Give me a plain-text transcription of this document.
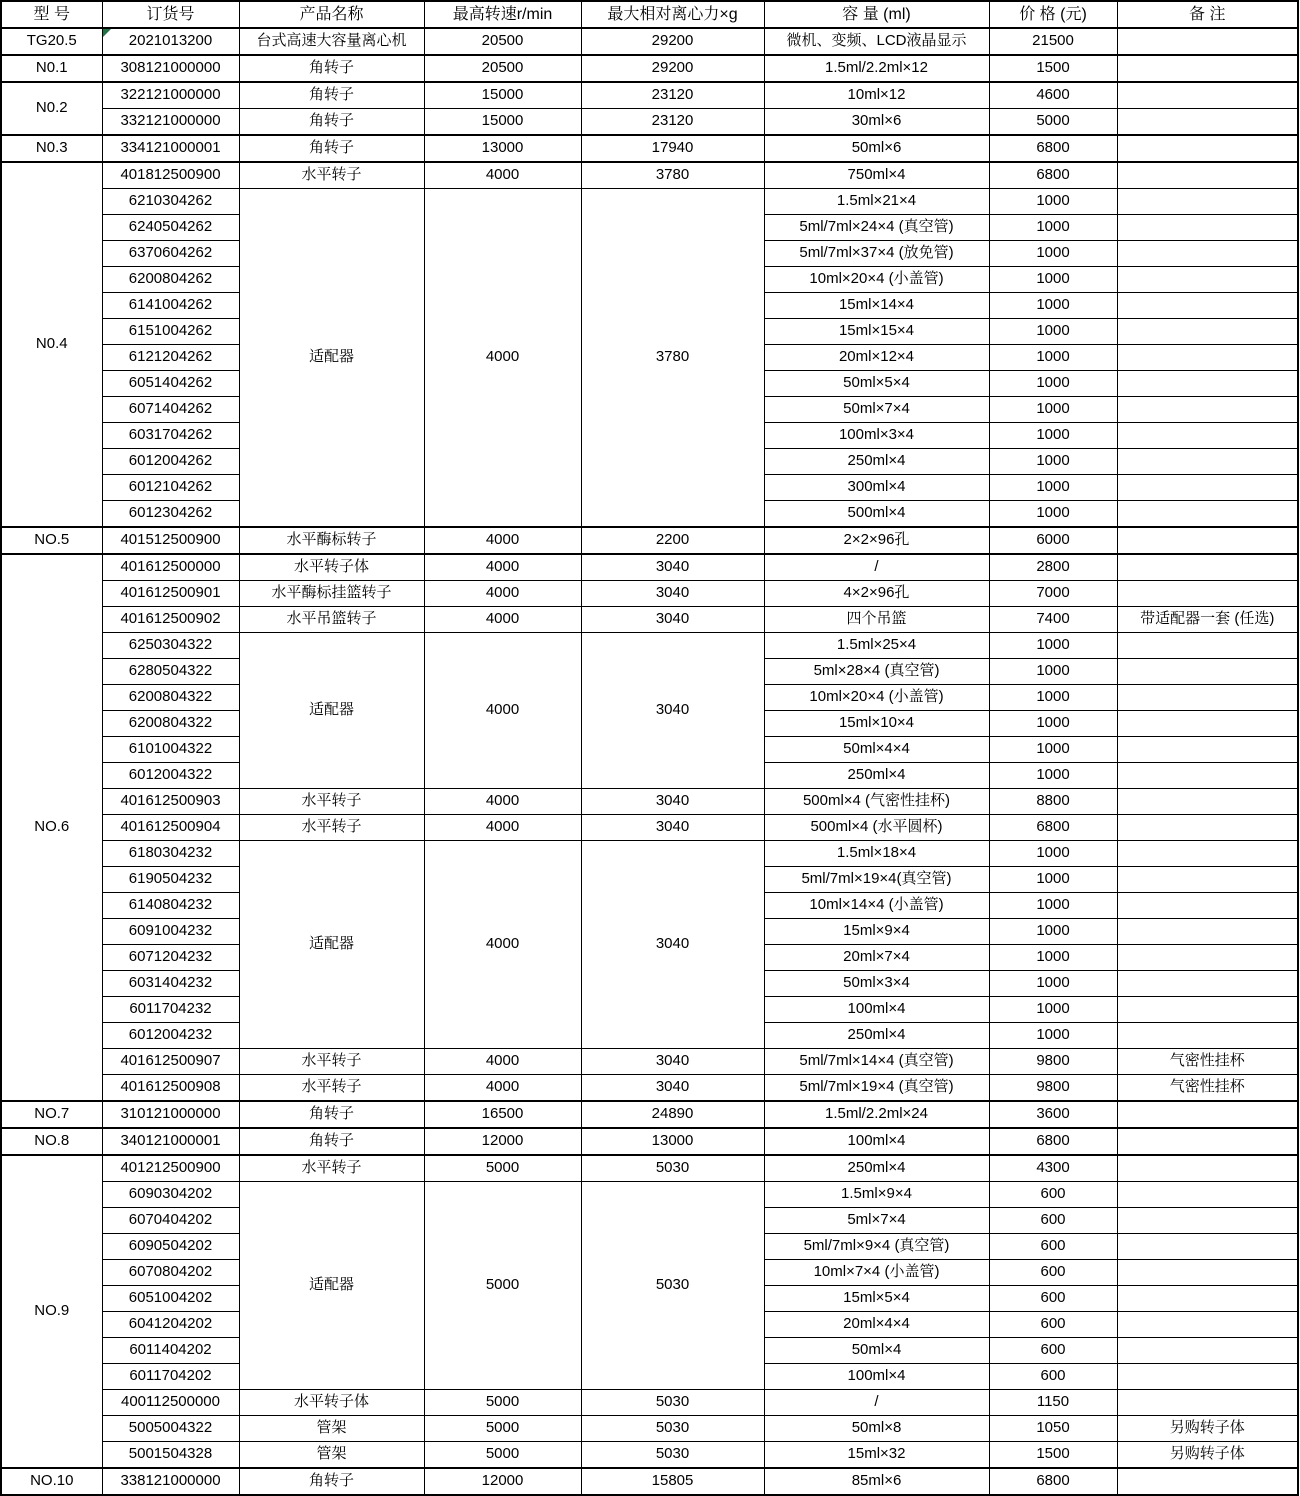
型 号	订货号	产品名称	最高转速r/min	最大相对离心力×g	容 量 (ml)	价 格 (元)	备 注
TG20.5	2021013200	台式高速大容量离心机	20500	29200	微机、变频、LCD液晶显示	21500	
N0.1	308121000000	角转子	20500	29200	1.5ml/2.2ml×12	1500	
N0.2	322121000000	角转子	15000	23120	10ml×12	4600	
	332121000000	角转子	15000	23120	30ml×6	5000	
N0.3	334121000001	角转子	13000	17940	50ml×6	6800	
N0.4	401812500900	水平转子	4000	3780	750ml×4	6800	
	6210304262	适配器	4000	3780	1.5ml×21×4	1000	
	6240504262				5ml/7ml×24×4 (真空管)	1000	
	6370604262				5ml/7ml×37×4 (放免管)	1000	
	6200804262				10ml×20×4 (小盖管)	1000	
	6141004262				15ml×14×4	1000	
	6151004262				15ml×15×4	1000	
	6121204262				20ml×12×4	1000	
	6051404262				50ml×5×4	1000	
	6071404262				50ml×7×4	1000	
	6031704262				100ml×3×4	1000	
	6012004262				250ml×4	1000	
	6012104262				300ml×4	1000	
	6012304262				500ml×4	1000	
NO.5	401512500900	水平酶标转子	4000	2200	2×2×96孔	6000	
NO.6	401612500000	水平转子体	4000	3040	/	2800	
	401612500901	水平酶标挂篮转子	4000	3040	4×2×96孔	7000	
	401612500902	水平吊篮转子	4000	3040	四个吊篮	7400	带适配器一套 (任选)
	6250304322	适配器	4000	3040	1.5ml×25×4	1000	
	6280504322				5ml×28×4 (真空管)	1000	
	6200804322				10ml×20×4 (小盖管)	1000	
	6200804322				15ml×10×4	1000	
	6101004322				50ml×4×4	1000	
	6012004322				250ml×4	1000	
	401612500903	水平转子	4000	3040	500ml×4 (气密性挂杯)	8800	
	401612500904	水平转子	4000	3040	500ml×4 (水平圆杯)	6800	
	6180304232	适配器	4000	3040	1.5ml×18×4	1000	
	6190504232				5ml/7ml×19×4(真空管)	1000	
	6140804232				10ml×14×4 (小盖管)	1000	
	6091004232				15ml×9×4	1000	
	6071204232				20ml×7×4	1000	
	6031404232				50ml×3×4	1000	
	6011704232				100ml×4	1000	
	6012004232				250ml×4	1000	
	401612500907	水平转子	4000	3040	5ml/7ml×14×4 (真空管)	9800	气密性挂杯
	401612500908	水平转子	4000	3040	5ml/7ml×19×4 (真空管)	9800	气密性挂杯
NO.7	310121000000	角转子	16500	24890	1.5ml/2.2ml×24	3600	
NO.8	340121000001	角转子	12000	13000	100ml×4	6800	
NO.9	401212500900	水平转子	5000	5030	250ml×4	4300	
	6090304202	适配器	5000	5030	1.5ml×9×4	600	
	6070404202				5ml×7×4	600	
	6090504202				5ml/7ml×9×4 (真空管)	600	
	6070804202				10ml×7×4 (小盖管)	600	
	6051004202				15ml×5×4	600	
	6041204202				20ml×4×4	600	
	6011404202				50ml×4	600	
	6011704202				100ml×4	600	
	400112500000	水平转子体	5000	5030	/	1150	
	5005004322	管架	5000	5030	50ml×8	1050	另购转子体
	5001504328	管架	5000	5030	15ml×32	1500	另购转子体
NO.10	338121000000	角转子	12000	15805	85ml×6	6800	
